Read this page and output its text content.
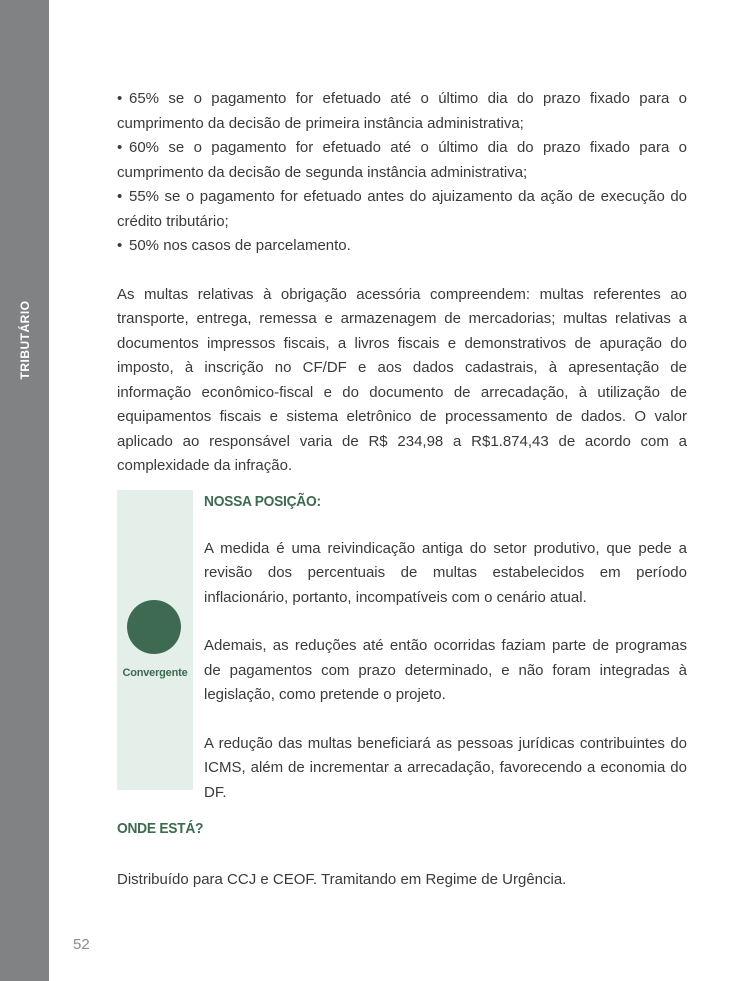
TRIBUTÁRIO
52

• 65% se o pagamento for efetuado até o último dia do prazo fixado para o cumprimento da decisão de primeira instância administrativa;

• 60% se o pagamento for efetuado até o último dia do prazo fixado para o cumprimento da decisão de segunda instância administrativa;

• 55% se o pagamento for efetuado antes do ajuizamento da ação de execução do crédito tributário;

• 50% nos casos de parcelamento.

As multas relativas à obrigação acessória compreendem: multas referentes ao transporte, entrega, remessa e armazenagem de mercadorias; multas relativas a documentos impressos fiscais, a livros fiscais e demonstrativos de apuração do imposto, à inscrição no CF/DF e aos dados cadastrais, à apresentação de informação econômico-fiscal e do documento de arrecadação, à utilização de equipamentos fiscais e sistema eletrônico de processamento de dados. O valor aplicado ao responsável varia de R$ 234,98 a R$1.874,43 de acordo com a complexidade da infração.

Convergente
NOSSA POSIÇÃO:

A medida é uma reivindicação antiga do setor produtivo, que pede a revisão dos percentuais de multas estabelecidos em período inflacionário, portanto, incompatíveis com o cenário atual.

Ademais, as reduções até então ocorridas faziam parte de programas de pagamentos com prazo determinado, e não foram integradas à legislação, como pretende o projeto.

A redução das multas beneficiará as pessoas jurídicas contribuintes do ICMS, além de incrementar a arrecadação, favorecendo a economia do DF.

ONDE ESTÁ?
Distribuído para CCJ e CEOF. Tramitando em Regime de Urgência.
